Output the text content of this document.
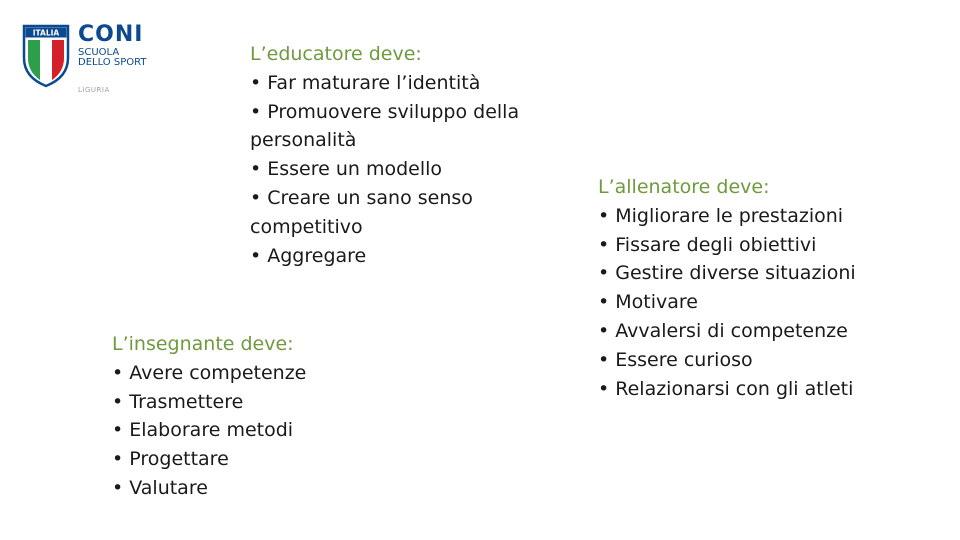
ITALIA CONI
SCUOLA
DELLO SPORT
LIGURIA
L’educatore deve:
• Far maturare l’identità
• Promuovere sviluppo della personalità
• Essere un modello
• Creare un sano senso competitivo
• Aggregare
L’insegnante deve:
• Avere competenze
• Trasmettere
• Elaborare metodi
• Progettare
• Valutare
L’allenatore deve:
• Migliorare le prestazioni
• Fissare degli obiettivi
• Gestire diverse situazioni
• Motivare
• Avvalersi di competenze
• Essere curioso
• Relazionarsi con gli atleti
